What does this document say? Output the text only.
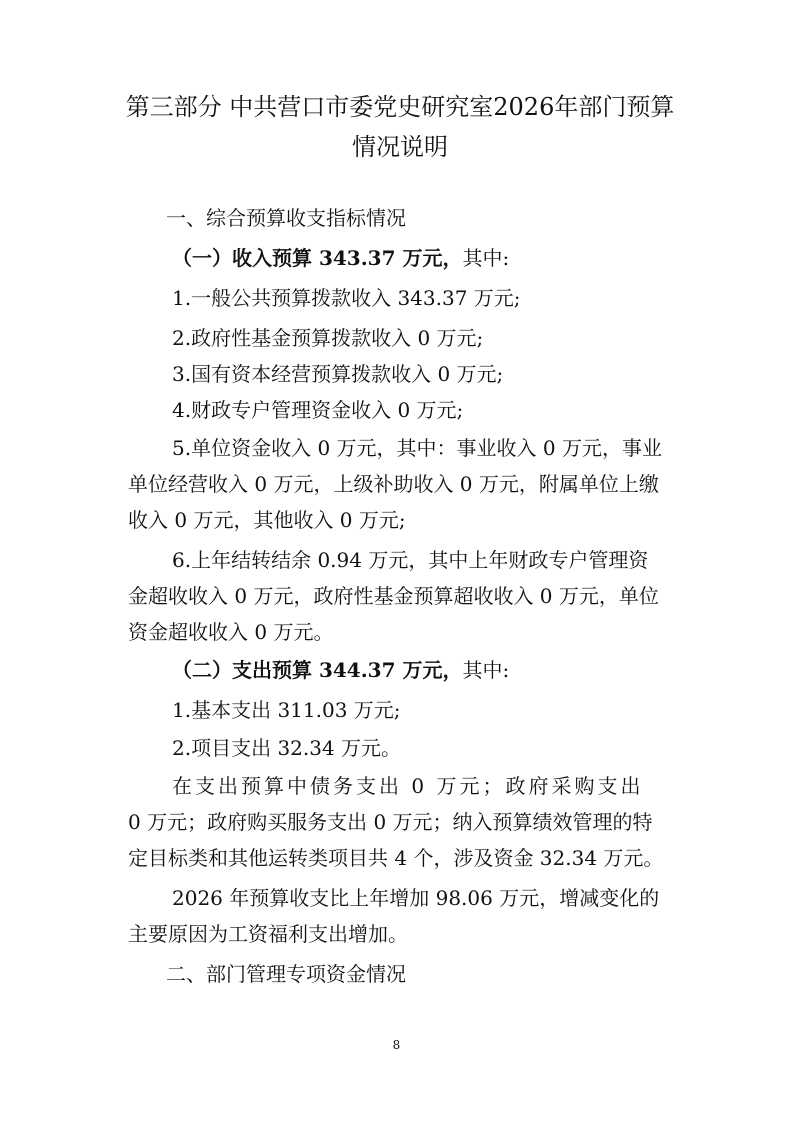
第三部分 中共营口市委党史研究室2026年部门预算
情况说明
一、综合预算收支指标情况
（一）收入预算 343.37 万元，其中:
1.一般公共预算拨款收入 343.37 万元;
2.政府性基金预算拨款收入 0 万元;
3.国有资本经营预算拨款收入 0 万元;
4.财政专户管理资金收入 0 万元;
5.单位资金收入 0 万元，其中：事业收入 0 万元，事业
单位经营收入 0 万元，上级补助收入 0 万元，附属单位上缴
收入 0 万元，其他收入 0 万元;
6.上年结转结余 0.94 万元，其中上年财政专户管理资
金超收收入 0 万元，政府性基金预算超收收入 0 万元，单位
资金超收收入 0 万元。
（二）支出预算 344.37 万元，其中:
1.基本支出 311.03 万元;
2.项目支出 32.34 万元。
在支出预算中债务支出 0 万元；政府采购支出
0 万元；政府购买服务支出 0 万元；纳入预算绩效管理的特
定目标类和其他运转类项目共 4 个，涉及资金 32.34 万元。
2026 年预算收支比上年增加 98.06 万元，增减变化的
主要原因为工资福利支出增加。
二、部门管理专项资金情况
8
